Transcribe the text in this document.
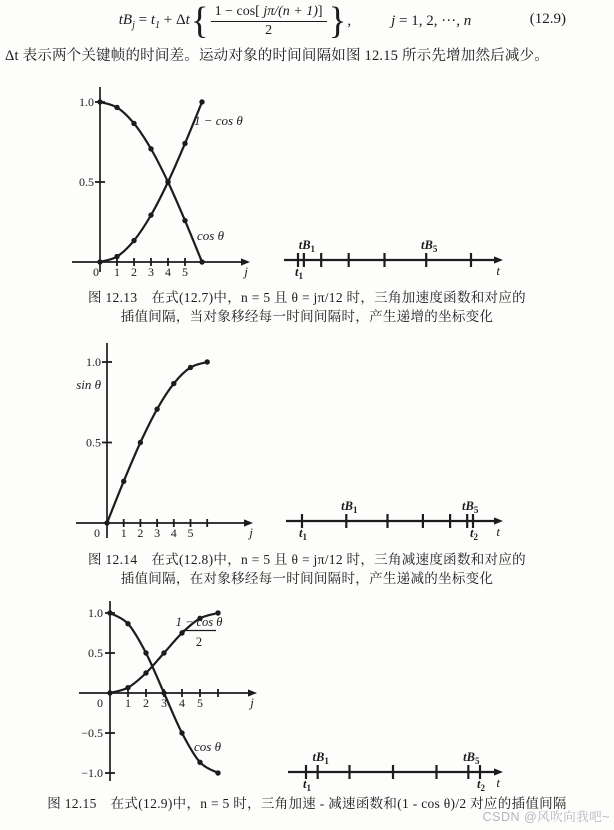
$tB_j = t_1 + \Delta t$ { $\frac{1 - \cos[ j\pi/(n + 1)]}{2}$ } ,	j = 1, 2, ···, n	(12.9)
Δt 表示两个关键帧的时间差。运动对象的时间间隔如图 12.15 所示先增加然后减少。
0 1 2 3 4 5	j
1.0
0.5
cos θ
1 − cos θ
$tB_1$	$tB_5$
$t_1$	t
0 1 2 3 4 5	j
1.0
0.5
sin θ
$tB_1$	$tB_5$
$t_1$	$t_2$ t
0 1 2 3 4 5	j
1.0
0.5
−0.5
−1.0
cos θ
1 − cos θ
2
$tB_1$	$tB_5$
$t_1$	$t_2$ t
图 12.13 在式(12.7)中，n = 5 且 θ = jπ/12 时，三角加速度函数和对应的
插值间隔，当对象移经每一时间间隔时，产生递增的坐标变化
图 12.14 在式(12.8)中，n = 5 且 θ = jπ/12 时，三角减速度函数和对应的
插值间隔，在对象移经每一时间间隔时，产生递减的坐标变化
图 12.15 在式(12.9)中，n = 5 时，三角加速 - 减速函数和(1 - cos θ)/2 对应的插值间隔
CSDN @风吹向我吧~
